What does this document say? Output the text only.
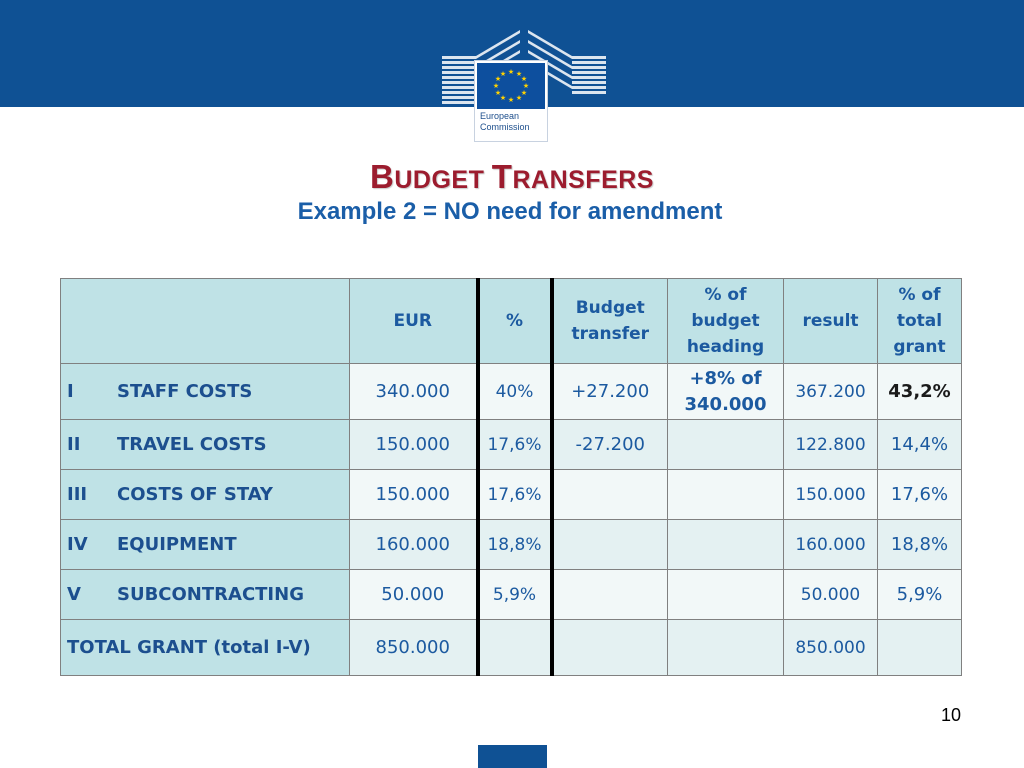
★ ★
★
★
★
★
★
★
★
★
★
★
European
Commission
BUDGET TRANSFERS
Example 2 = NO need for amendment
	EUR	%	Budget transfer	% of budget heading	result	% of total grant
I STAFF COSTS	340.000	40%	+27.200	+8% of 340.000	367.200	43,2%
II TRAVEL COSTS	150.000	17,6%	-27.200		122.800	14,4%
III COSTS OF STAY	150.000	17,6%			150.000	17,6%
IV EQUIPMENT	160.000	18,8%			160.000	18,8%
V SUBCONTRACTING	50.000	5,9%			50.000	5,9%
TOTAL GRANT (total I-V)	850.000				850.000	
10
